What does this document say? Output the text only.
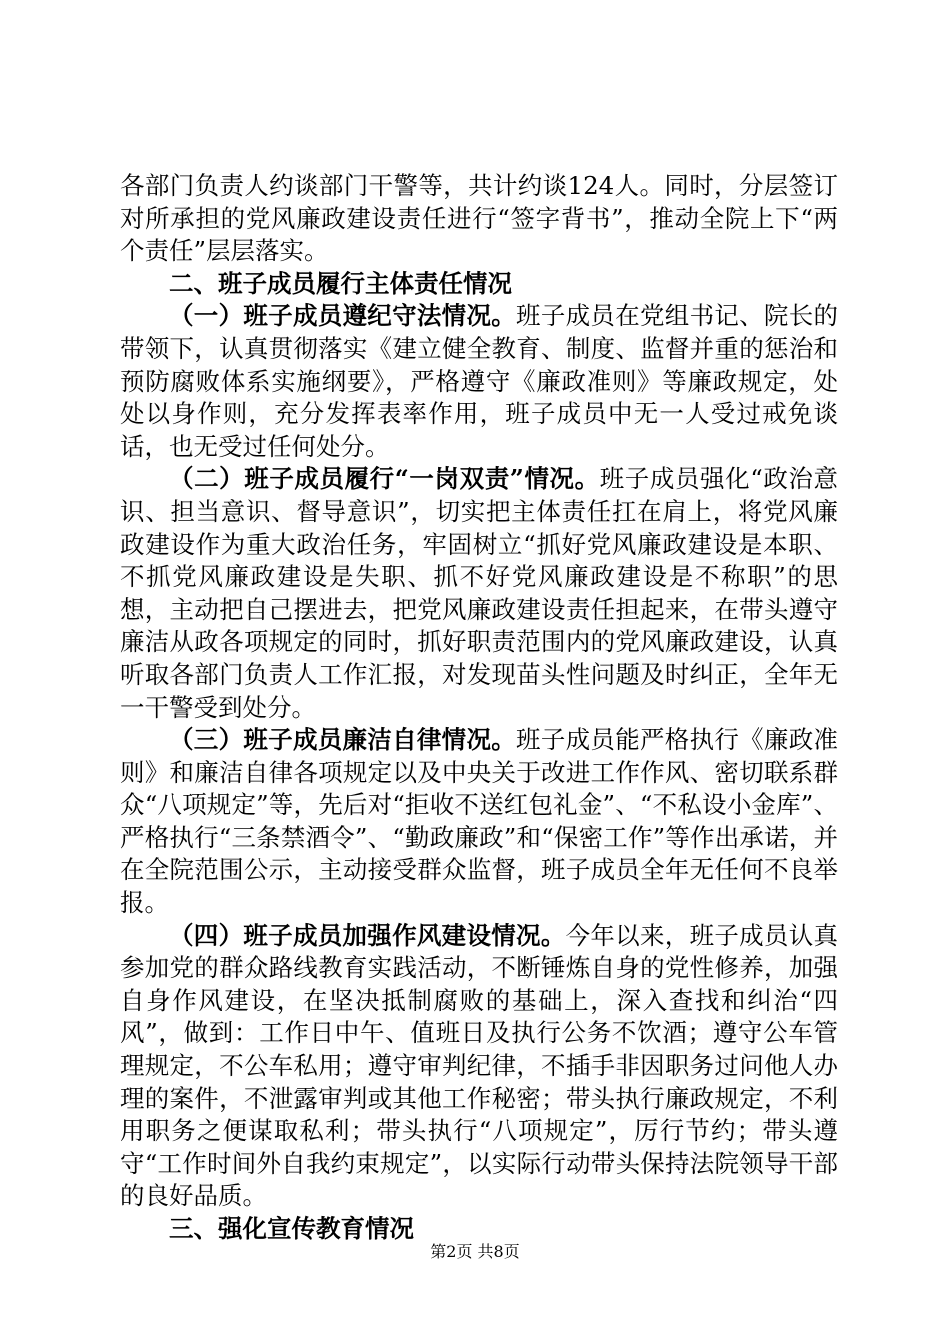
各部门负责人约谈部门干警等，共计约谈124人。同时，分层签订对所承担的党风廉政建设责任进行“签字背书”，推动全院上下“两个责任”层层落实。

二、班子成员履行主体责任情况

（一）班子成员遵纪守法情况。班子成员在党组书记、院长的带领下，认真贯彻落实《建立健全教育、制度、监督并重的惩治和预防腐败体系实施纲要》，严格遵守《廉政准则》等廉政规定，处处以身作则，充分发挥表率作用，班子成员中无一人受过戒免谈话，也无受过任何处分。

（二）班子成员履行“一岗双责”情况。班子成员强化“政治意识、担当意识、督导意识”，切实把主体责任扛在肩上，将党风廉政建设作为重大政治任务，牢固树立“抓好党风廉政建设是本职、不抓党风廉政建设是失职、抓不好党风廉政建设是不称职”的思想，主动把自己摆进去，把党风廉政建设责任担起来，在带头遵守廉洁从政各项规定的同时，抓好职责范围内的党风廉政建设，认真听取各部门负责人工作汇报，对发现苗头性问题及时纠正，全年无一干警受到处分。

（三）班子成员廉洁自律情况。班子成员能严格执行《廉政准则》和廉洁自律各项规定以及中央关于改进工作作风、密切联系群众“八项规定”等，先后对“拒收不送红包礼金”、“不私设小金库”、严格执行“三条禁酒令”、“勤政廉政”和“保密工作”等作出承诺，并在全院范围公示，主动接受群众监督，班子成员全年无任何不良举报。

（四）班子成员加强作风建设情况。今年以来，班子成员认真参加党的群众路线教育实践活动，不断锤炼自身的党性修养，加强自身作风建设，在坚决抵制腐败的基础上，深入查找和纠治“四风”，做到：工作日中午、值班日及执行公务不饮酒；遵守公车管理规定，不公车私用；遵守审判纪律，不插手非因职务过问他人办理的案件，不泄露审判或其他工作秘密；带头执行廉政规定，不利用职务之便谋取私利；带头执行“八项规定”，厉行节约；带头遵守“工作时间外自我约束规定”，以实际行动带头保持法院领导干部的良好品质。

三、强化宣传教育情况

第2页 共8页
